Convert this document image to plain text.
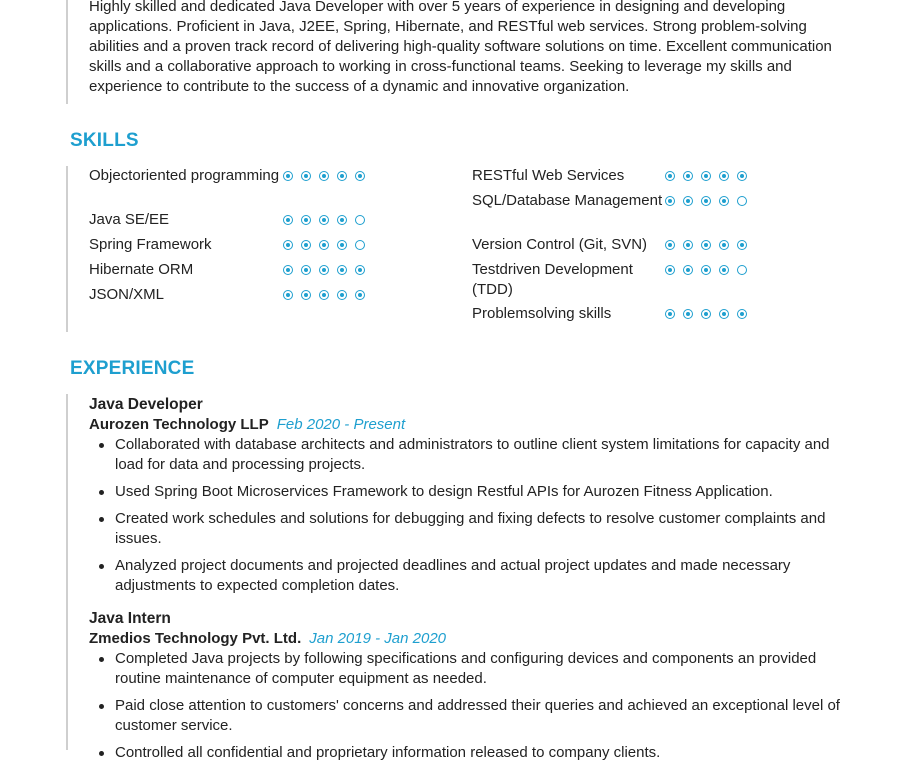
Highly skilled and dedicated Java Developer with over 5 years of experience in designing and developing applications. Proficient in Java, J2EE, Spring, Hibernate, and RESTful web services. Strong problem-solving abilities and a proven track record of delivering high-quality software solutions on time. Excellent communication skills and a collaborative approach to working in cross-functional teams. Seeking to leverage my skills and experience to contribute to the success of a dynamic and innovative organization.

SKILLS
Objectoriented programming
Java SE/EE
Spring Framework
Hibernate ORM
JSON/XML
RESTful Web Services
SQL/Database Management
Version Control (Git, SVN)
Testdriven Development (TDD)
Problemsolving skills
EXPERIENCE
Java Developer
Aurozen Technology LLP Feb 2020 - Present
Collaborated with database architects and administrators to outline client system limitations for capacity and load for data and processing projects.
Used Spring Boot Microservices Framework to design Restful APIs for Aurozen Fitness Application.
Created work schedules and solutions for debugging and fixing defects to resolve customer complaints and issues.
Analyzed project documents and projected deadlines and actual project updates and made necessary adjustments to expected completion dates.
Java Intern
Zmedios Technology Pvt. Ltd. Jan 2019 - Jan 2020
Completed Java projects by following specifications and configuring devices and components an provided routine maintenance of computer equipment as needed.
Paid close attention to customers' concerns and addressed their queries and achieved an exceptional level of customer service.
Controlled all confidential and proprietary information released to company clients.
